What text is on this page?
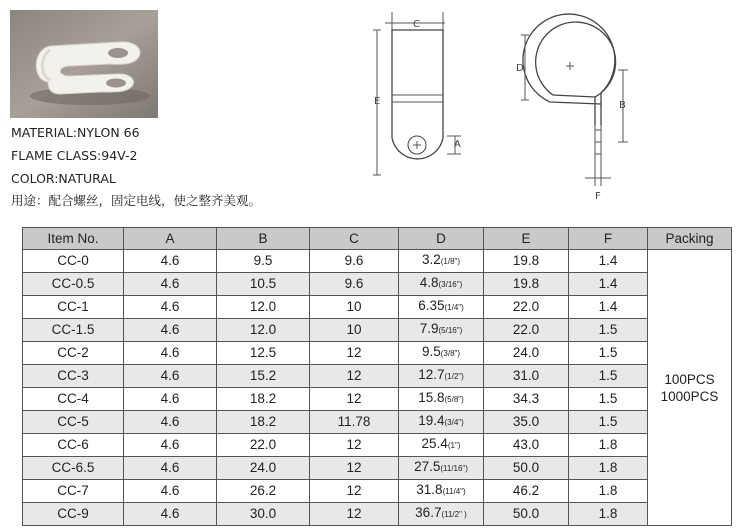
MATERIAL:NYLON 66
FLAME CLASS:94V-2
COLOR:NATURAL
用途：配合螺丝，固定电线，使之整齐美观。
C
E
A
D
B
F
Item No.	A	B	C	D	E	F	Packing
CC-0	4.6	9.5	9.6	3.2(1/8")	19.8	1.4	100PCS
1000PCS
CC-0.5	4.6	10.5	9.6	4.8(3/16")	19.8	1.4	
CC-1	4.6	12.0	10	6.35(1/4")	22.0	1.4	
CC-1.5	4.6	12.0	10	7.9(5/16")	22.0	1.5	
CC-2	4.6	12.5	12	9.5(3/8")	24.0	1.5	
CC-3	4.6	15.2	12	12.7(1/2")	31.0	1.5	
CC-4	4.6	18.2	12	15.8(5/8")	34.3	1.5	
CC-5	4.6	18.2	11.78	19.4(3/4")	35.0	1.5	
CC-6	4.6	22.0	12	25.4(1")	43.0	1.8	
CC-6.5	4.6	24.0	12	27.5(11/16")	50.0	1.8	
CC-7	4.6	26.2	12	31.8(11/4")	46.2	1.8	
CC-9	4.6	30.0	12	36.7(11/2" )	50.0	1.8	
